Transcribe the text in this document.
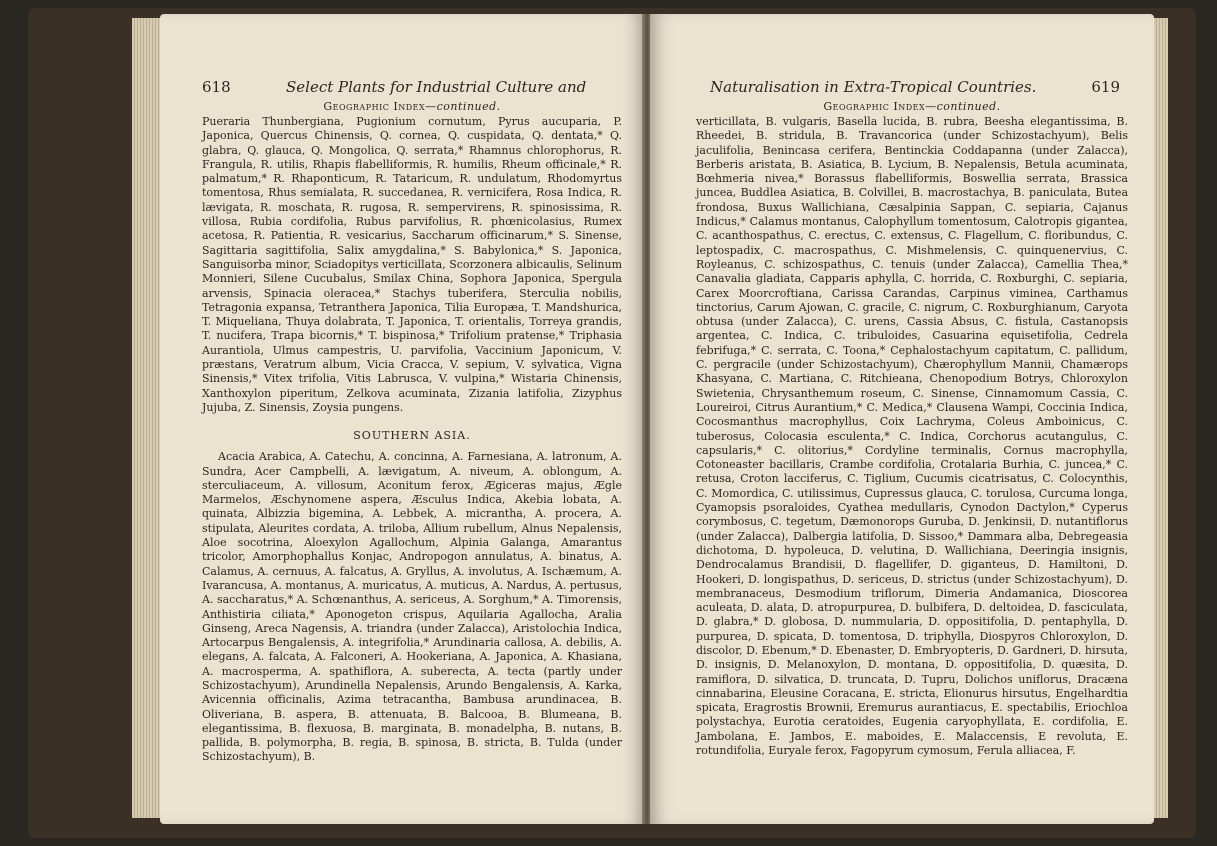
618	Select Plants for Industrial Culture and
Geographic Index—continued.

Pueraria Thunbergiana, Pugionium cornutum, Pyrus aucuparia, P. Japonica, Quercus Chinensis, Q. cornea, Q. cuspidata, Q. dentata,* Q. glabra, Q. glauca, Q. Mongolica, Q. serrata,* Rhamnus chlorophorus, R. Frangula, R. utilis, Rhapis flabelliformis, R. humilis, Rheum officinale,* R. palmatum,* R. Rhaponticum, R. Tataricum, R. undulatum, Rhodomyrtus tomentosa, Rhus semialata, R. succedanea, R. vernicifera, Rosa Indica, R. lævigata, R. moschata, R. rugosa, R. sempervirens, R. spinosissima, R. villosa, Rubia cordifolia, Rubus parvifolius, R. phœnicolasius, Rumex acetosa, R. Patientia, R. vesicarius, Saccharum officinarum,* S. Sinense, Sagittaria sagittifolia, Salix amygdalina,* S. Babylonica,* S. Japonica, Sanguisorba minor, Sciadopitys verticillata, Scorzonera albicaulis, Selinum Monnieri, Silene Cucubalus, Smilax China, Sophora Japonica, Spergula arvensis, Spinacia oleracea,* Stachys tuberifera, Sterculia nobilis, Tetragonia expansa, Tetranthera Japonica, Tilia Europæa, T. Mandshurica, T. Miqueliana, Thuya dolabrata, T. Japonica, T. orientalis, Torreya grandis, T. nucifera, Trapa bicornis,* T. bispinosa,* Trifolium pratense,* Triphasia Aurantiola, Ulmus campestris, U. parvifolia, Vaccinium Japonicum, V. præstans, Veratrum album, Vicia Cracca, V. sepium, V. sylvatica, Vigna Sinensis,* Vitex trifolia, Vitis Labrusca, V. vulpina,* Wistaria Chinensis, Xanthoxylon piperitum, Zelkova acuminata, Zizania latifolia, Zizyphus Jujuba, Z. Sinensis, Zoysia pungens.

SOUTHERN ASIA.

Acacia Arabica, A. Catechu, A. concinna, A. Farnesiana, A. latronum, A. Sundra, Acer Campbelli, A. lævigatum, A. niveum, A. oblongum, A. sterculiaceum, A. villosum, Aconitum ferox, Ægiceras majus, Ægle Marmelos, Æschynomene aspera, Æsculus Indica, Akebia lobata, A. quinata, Albizzia bigemina, A. Lebbek, A. micrantha, A. procera, A. stipulata, Aleurites cordata, A. triloba, Allium rubellum, Alnus Nepalensis, Aloe socotrina, Aloexylon Agallochum, Alpinia Galanga, Amarantus tricolor, Amorphophallus Konjac, Andropogon annulatus, A. binatus, A. Calamus, A. cernuus, A. falcatus, A. Gryllus, A. involutus, A. Ischæmum, A. Ivarancusa, A. montanus, A. muricatus, A. muticus, A. Nardus, A. pertusus, A. saccharatus,* A. Schœnanthus, A. sericeus, A. Sorghum,* A. Timorensis, Anthistiria ciliata,* Aponogeton crispus, Aquilaria Agallocha, Aralia Ginseng, Areca Nagensis, A. triandra (under Zalacca), Aristolochia Indica, Artocarpus Bengalensis, A. integrifolia,* Arundinaria callosa, A. debilis, A. elegans, A. falcata, A. Falconeri, A. Hookeriana, A. Japonica, A. Khasiana, A. macrosperma, A. spathiflora, A. suberecta, A. tecta (partly under Schizostachyum), Arundinella Nepalensis, Arundo Bengalensis, A. Karka, Avicennia officinalis, Azima tetracantha, Bambusa arundinacea, B. Oliveriana, B. aspera, B. attenuata, B. Balcooa, B. Blumeana, B. elegantissima, B. flexuosa, B. marginata, B. monadelpha, B. nutans, B. pallida, B. polymorpha, B. regia, B. spinosa, B. stricta, B. Tulda (under Schizostachyum), B.

Naturalisation in Extra-Tropical Countries.	619
Geographic Index—continued.

verticillata, B. vulgaris, Basella lucida, B. rubra, Beesha elegantissima, B. Rheedei, B. stridula, B. Travancorica (under Schizostachyum), Belis jaculifolia, Benincasa cerifera, Bentinckia Coddapanna (under Zalacca), Berberis aristata, B. Asiatica, B. Lycium, B. Nepalensis, Betula acuminata, Bœhmeria nivea,* Borassus flabelliformis, Boswellia serrata, Brassica juncea, Buddlea Asiatica, B. Colvillei, B. macrostachya, B. paniculata, Butea frondosa, Buxus Wallichiana, Cæsalpinia Sappan, C. sepiaria, Cajanus Indicus,* Calamus montanus, Calophyllum tomentosum, Calotropis gigantea, C. acanthospathus, C. erectus, C. extensus, C. Flagellum, C. floribundus, C. leptospadix, C. macrospathus, C. Mishmelensis, C. quinquenervius, C. Royleanus, C. schizospathus, C. tenuis (under Zalacca), Camellia Thea,* Canavalia gladiata, Capparis aphylla, C. horrida, C. Roxburghi, C. sepiaria, Carex Moorcroftiana, Carissa Carandas, Carpinus viminea, Carthamus tinctorius, Carum Ajowan, C. gracile, C. nigrum, C. Roxburghianum, Caryota obtusa (under Zalacca), C. urens, Cassia Absus, C. fistula, Castanopsis argentea, C. Indica, C. tribuloides, Casuarina equisetifolia, Cedrela febrifuga,* C. serrata, C. Toona,* Cephalostachyum capitatum, C. pallidum, C. pergracile (under Schizostachyum), Chærophyllum Mannii, Chamærops Khasyana, C. Martiana, C. Ritchieana, Chenopodium Botrys, Chloroxylon Swietenia, Chrysanthemum roseum, C. Sinense, Cinnamomum Cassia, C. Loureiroi, Citrus Aurantium,* C. Medica,* Clausena Wampi, Coccinia Indica, Cocosmanthus macrophyllus, Coix Lachryma, Coleus Amboinicus, C. tuberosus, Colocasia esculenta,* C. Indica, Corchorus acutangulus, C. capsularis,* C. olitorius,* Cordyline terminalis, Cornus macrophylla, Cotoneaster bacillaris, Crambe cordifolia, Crotalaria Burhia, C. juncea,* C. retusa, Croton lacciferus, C. Tiglium, Cucumis cicatrisatus, C. Colocynthis, C. Momordica, C. utilissimus, Cupressus glauca, C. torulosa, Curcuma longa, Cyamopsis psoraloides, Cyathea medullaris, Cynodon Dactylon,* Cyperus corymbosus, C. tegetum, Dæmonorops Guruba, D. Jenkinsii, D. nutantiflorus (under Zalacca), Dalbergia latifolia, D. Sissoo,* Dammara alba, Debregeasia dichotoma, D. hypoleuca, D. velutina, D. Wallichiana, Deeringia insignis, Dendrocalamus Brandisii, D. flagellifer, D. giganteus, D. Hamiltoni, D. Hookeri, D. longispathus, D. sericeus, D. strictus (under Schizostachyum), D. membranaceus, Desmodium triflorum, Dimeria Andamanica, Dioscorea aculeata, D. alata, D. atropurpurea, D. bulbifera, D. deltoidea, D. fasciculata, D. glabra,* D. globosa, D. nummularia, D. oppositifolia, D. pentaphylla, D. purpurea, D. spicata, D. tomentosa, D. triphylla, Diospyros Chloroxylon, D. discolor, D. Ebenum,* D. Ebenaster, D. Embryopteris, D. Gardneri, D. hirsuta, D. insignis, D. Melanoxylon, D. montana, D. oppositifolia, D. quæsita, D. ramiflora, D. silvatica, D. truncata, D. Tupru, Dolichos uniflorus, Dracæna cinnabarina, Eleusine Coracana, E. stricta, Elionurus hirsutus, Engelhardtia spicata, Eragrostis Brownii, Eremurus aurantiacus, E. spectabilis, Eriochloa polystachya, Eurotia ceratoides, Eugenia caryophyllata, E. cordifolia, E. Jambolana, E. Jambos, E. maboides, E. Malaccensis, E revoluta, E. rotundifolia, Euryale ferox, Fagopyrum cymosum, Ferula alliacea, F.
